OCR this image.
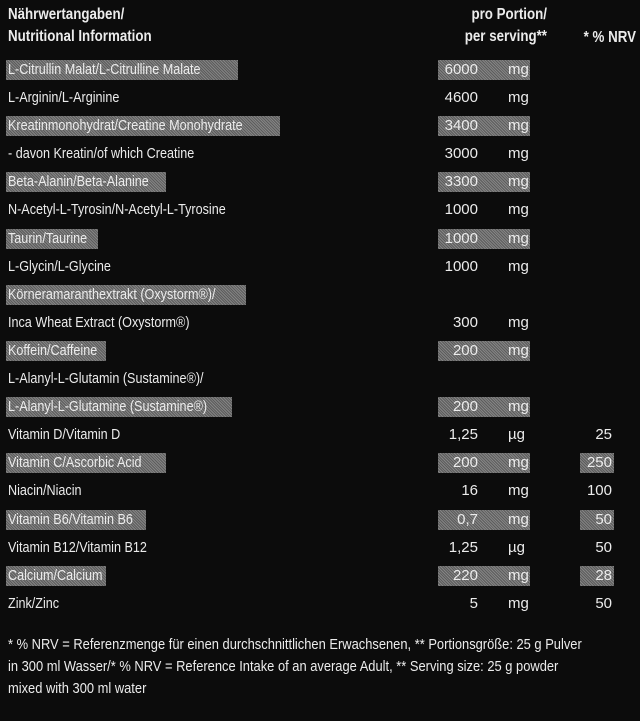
Nährwertangaben/
Nutritional Information
pro Portion/
per serving**	* % NRV
L-Citrullin Malat/L-Citrulline Malate	6000 mg
L-Arginin/L-Arginine	4600 mg
Kreatinmonohydrat/Creatine Monohydrate	3400 mg
- davon Kreatin/of which Creatine	3000 mg
Beta-Alanin/Beta-Alanine	3300 mg
N-Acetyl-L-Tyrosin/N-Acetyl-L-Tyrosine	1000 mg
Taurin/Taurine	1000 mg
L-Glycin/L-Glycine	1000 mg
Körneramaranthextrakt (Oxystorm®)/
Inca Wheat Extract (Oxystorm®)	300 mg
Koffein/Caffeine	200 mg
L-Alanyl-L-Glutamin (Sustamine®)/
L-Alanyl-L-Glutamine (Sustamine®)	200 mg
Vitamin D/Vitamin D	1,25 µg	25
Vitamin C/Ascorbic Acid	200 mg	250
Niacin/Niacin	16 mg	100
Vitamin B6/Vitamin B6	0,7 mg	50
Vitamin B12/Vitamin B12	1,25 µg	50
Calcium/Calcium	220 mg	28
Zink/Zinc	5 mg	50
* % NRV = Referenzmenge für einen durchschnittlichen Erwachsenen, ** Portionsgröße: 25 g Pulver
in 300 ml Wasser/* % NRV = Reference Intake of an average Adult, ** Serving size: 25 g powder
mixed with 300 ml water
